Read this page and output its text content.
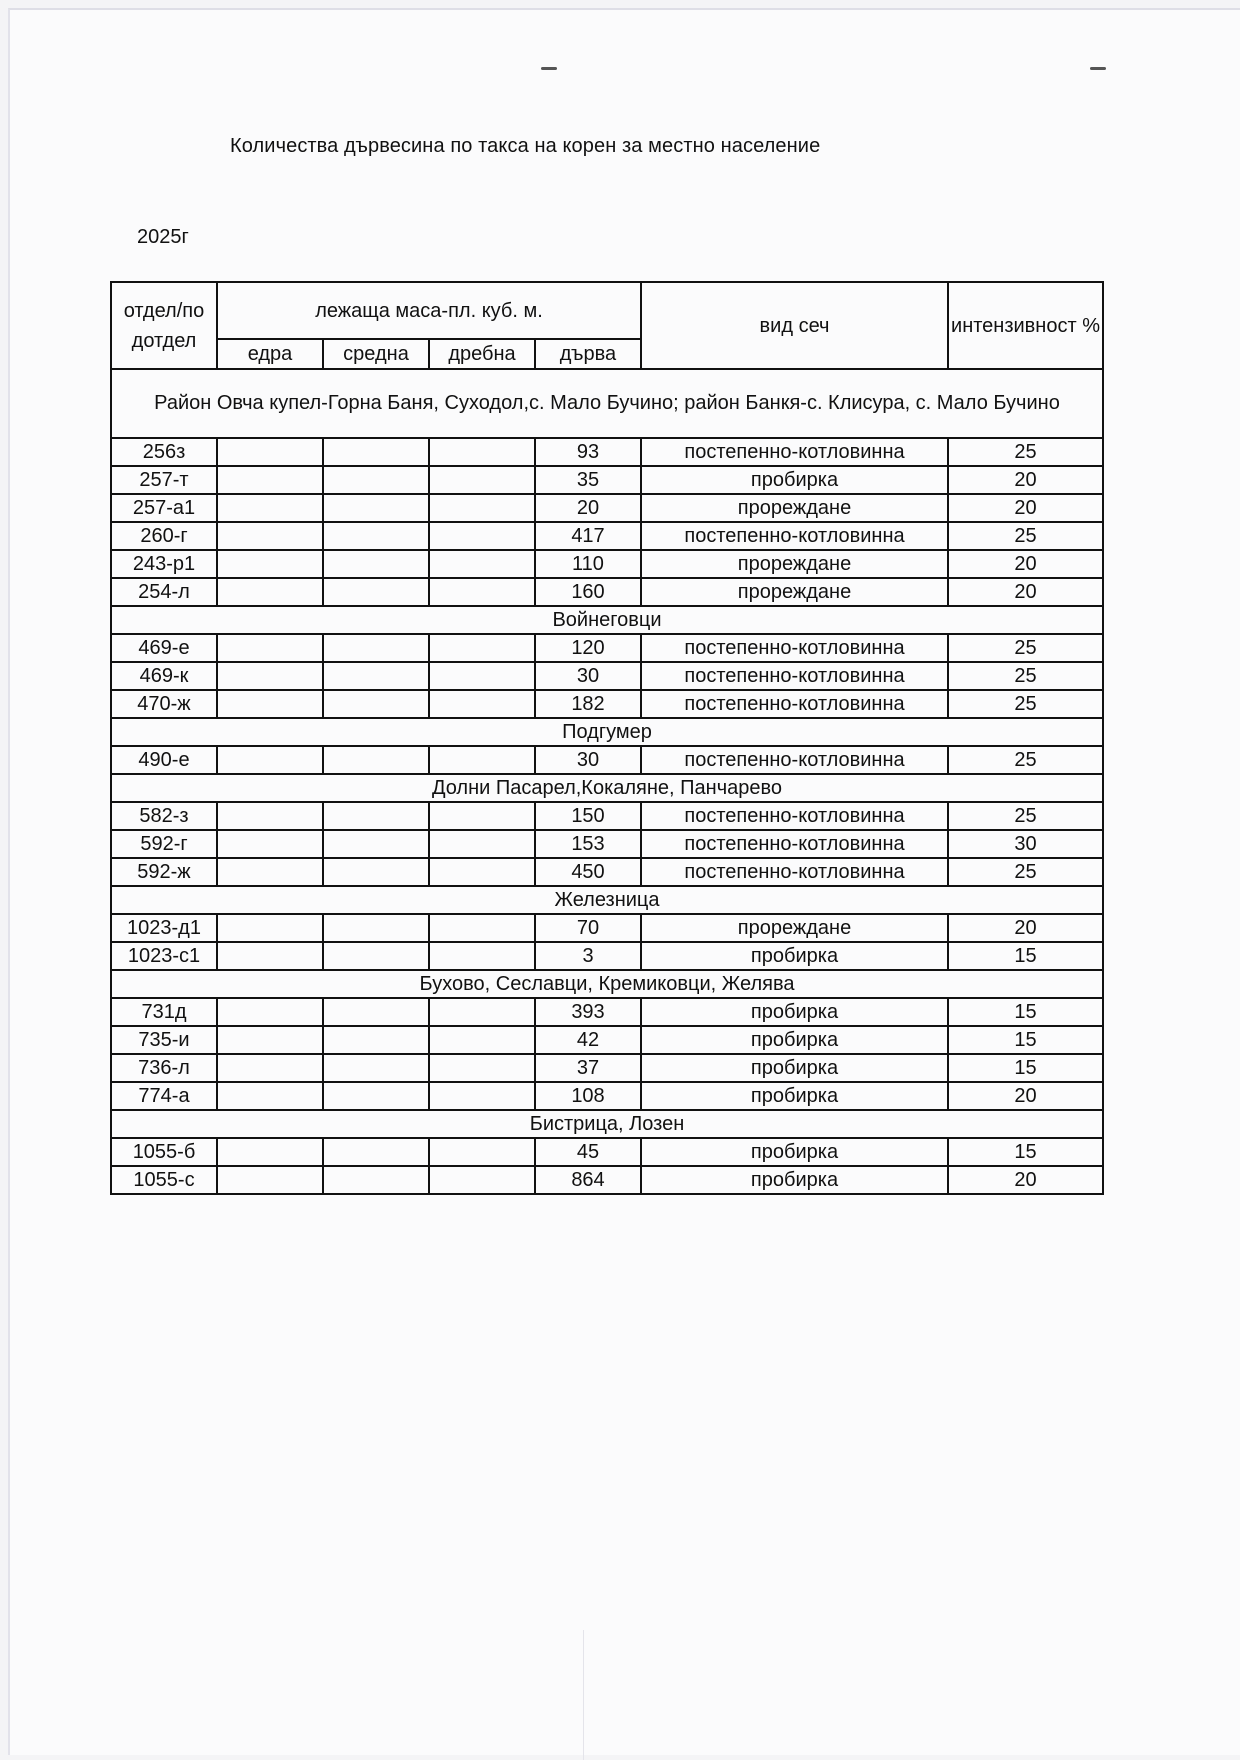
Количества дървесина по такса на корен за местно население
2025г
отдел/по дотдел	лежаща маса-пл. куб. м.				вид сеч	интензивност %
	едра	средна	дребна	дърва		
Район Овча купел-Горна Баня, Суходол,с. Мало Бучино; район Банкя-с. Клисура, с. Мало Бучино						
256з				93	постепенно-котловинна	25
257-т				35	пробирка	20
257-а1				20	прореждане	20
260-г				417	постепенно-котловинна	25
243-р1				110	прореждане	20
254-л				160	прореждане	20
Войнеговци						
469-е				120	постепенно-котловинна	25
469-к				30	постепенно-котловинна	25
470-ж				182	постепенно-котловинна	25
Подгумер						
490-е				30	постепенно-котловинна	25
Долни Пасарел,Кокаляне, Панчарево						
582-з				150	постепенно-котловинна	25
592-г				153	постепенно-котловинна	30
592-ж				450	постепенно-котловинна	25
Железница						
1023-д1				70	прореждане	20
1023-с1				3	пробирка	15
Бухово, Сеславци, Кремиковци, Желява						
731д				393	пробирка	15
735-и				42	пробирка	15
736-л				37	пробирка	15
774-а				108	пробирка	20
Бистрица, Лозен						
1055-б				45	пробирка	15
1055-с				864	пробирка	20
